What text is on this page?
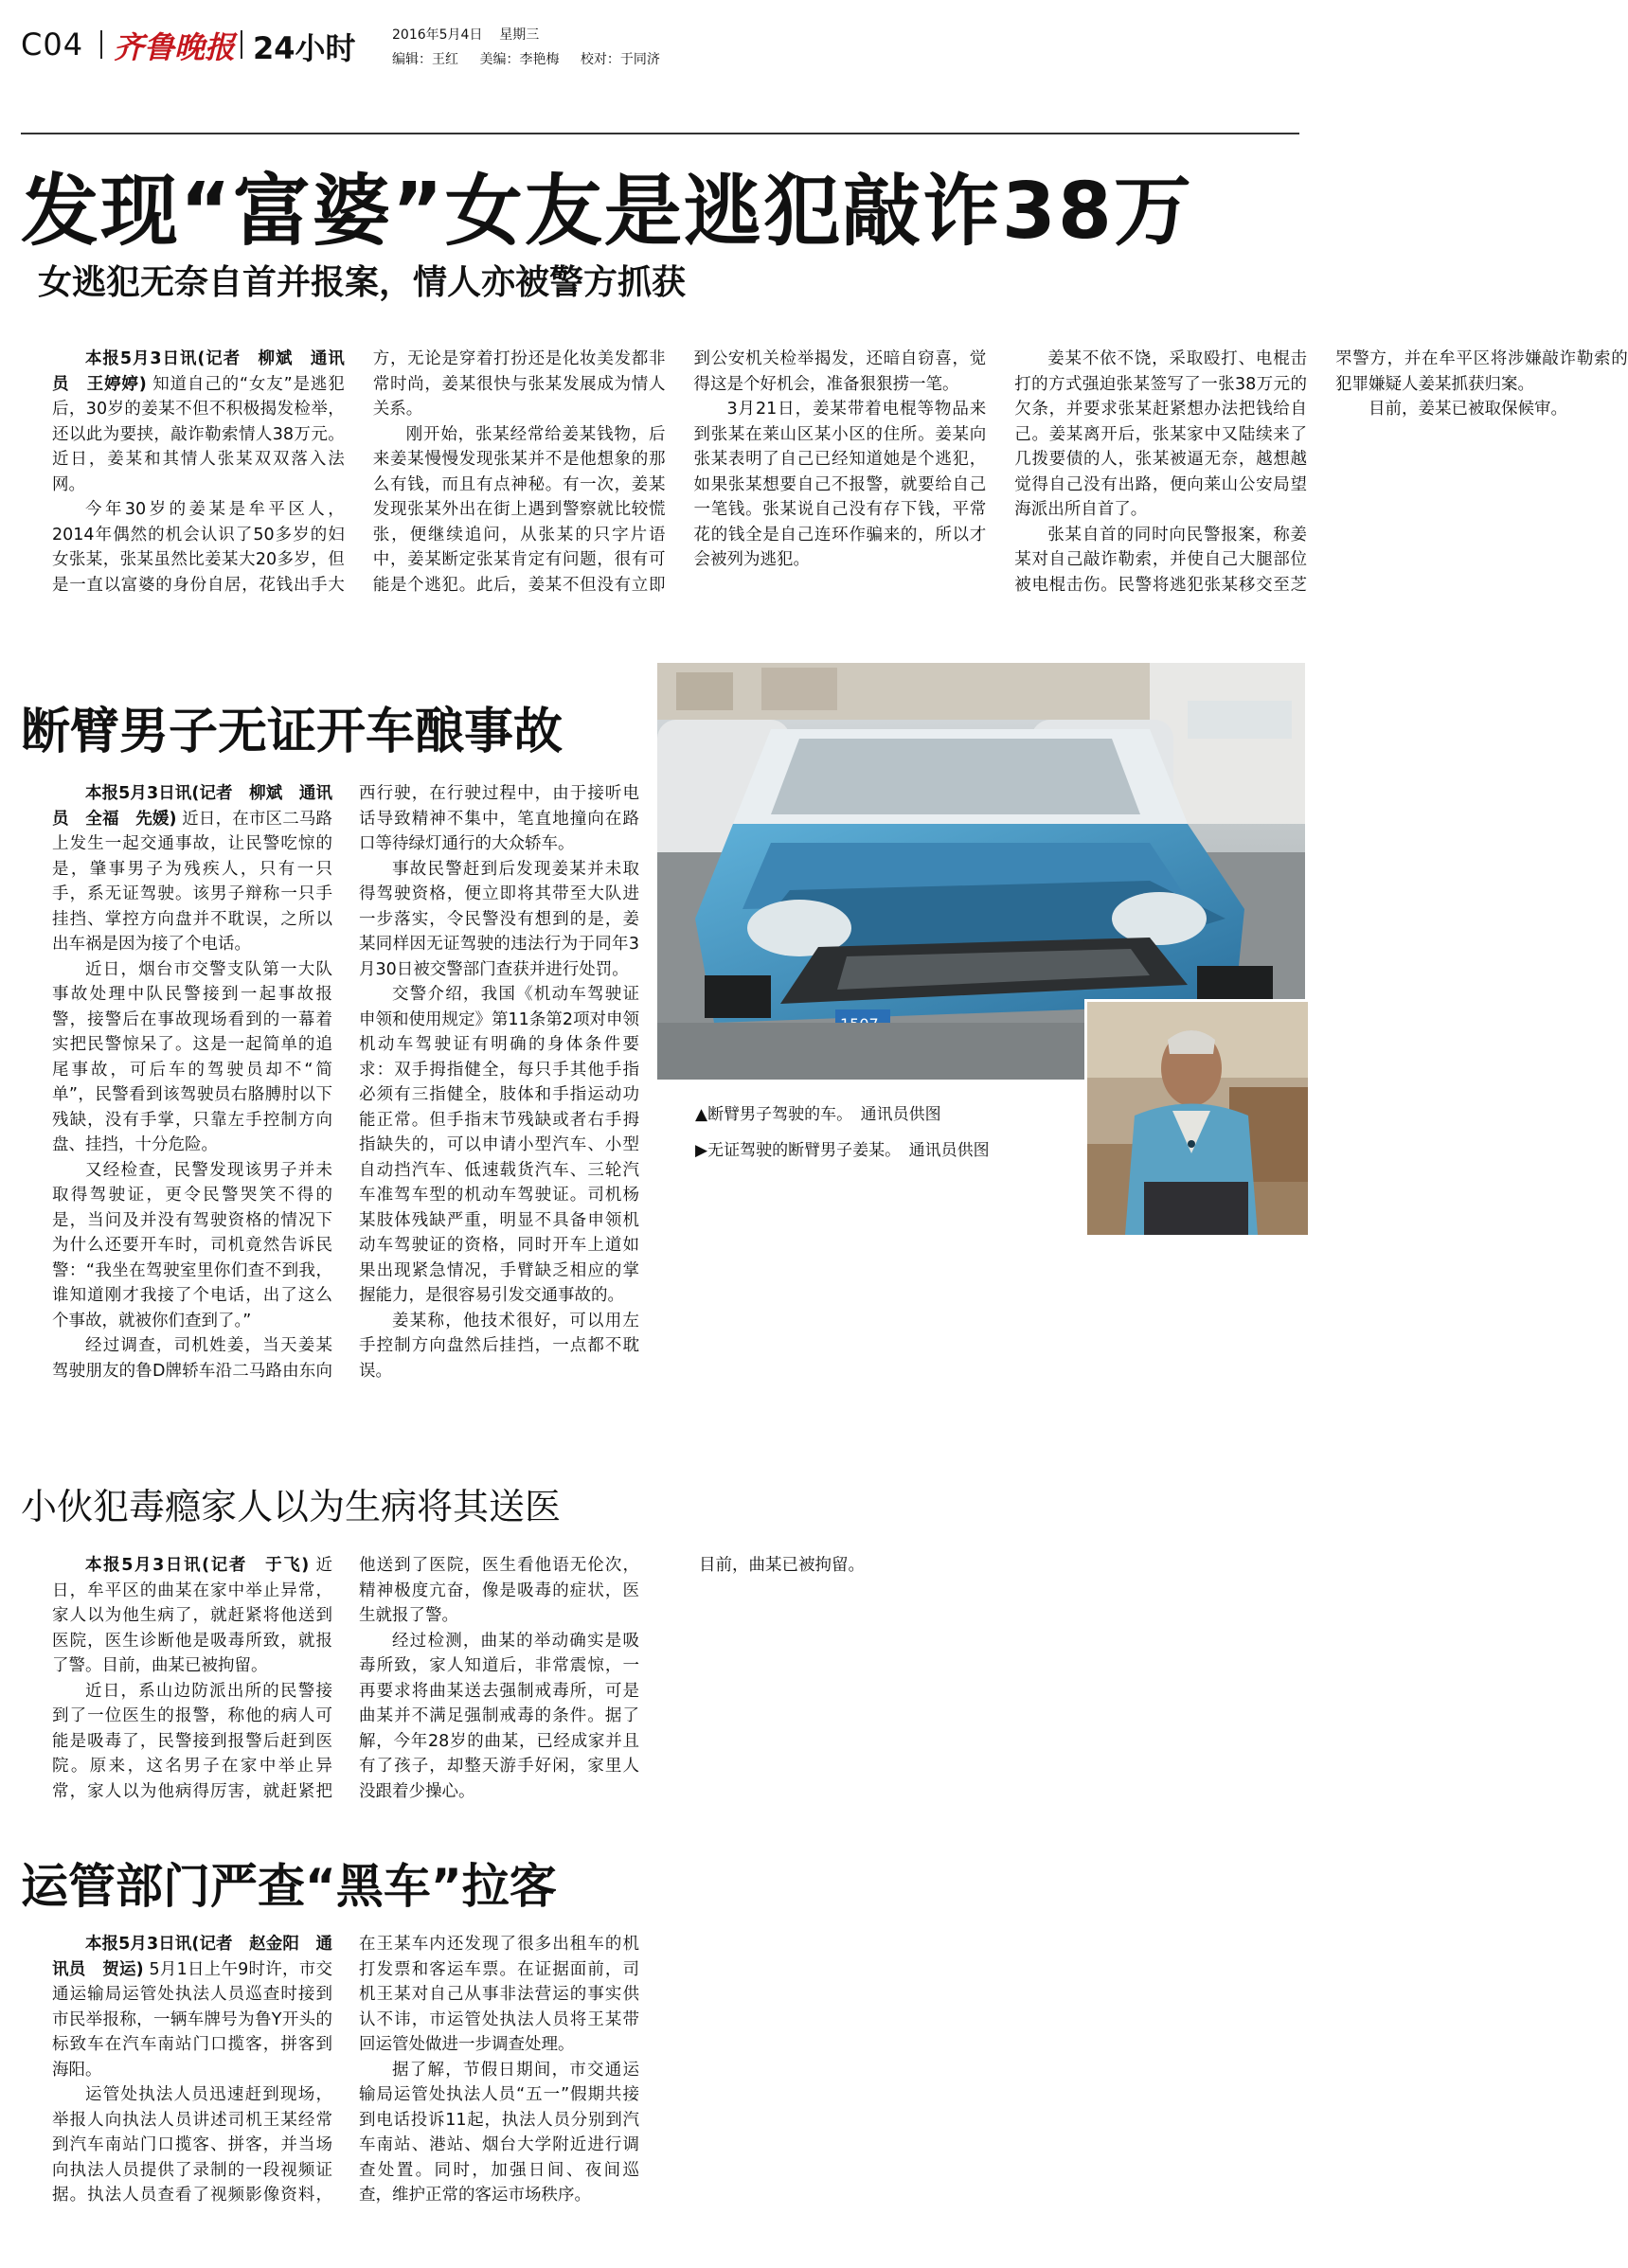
C04 齐鲁晚报 24小时	2016年5月4日 星期三
编辑：王红 美编：李艳梅 校对：于同济
发现“富婆”女友是逃犯敲诈38万
女逃犯无奈自首并报案，情人亦被警方抓获

本报5月3日讯(记者　柳斌　通讯员　王婷婷) 知道自己的“女友”是逃犯后，30岁的姜某不但不积极揭发检举，还以此为要挟，敲诈勒索情人38万元。近日，姜某和其情人张某双双落入法网。

今年30岁的姜某是牟平区人，2014年偶然的机会认识了50多岁的妇女张某，张某虽然比姜某大20多岁，但是一直以富婆的身份自居，花钱出手大方，无论是穿着打扮还是化妆美发都非常时尚，姜某很快与张某发展成为情人关系。

刚开始，张某经常给姜某钱物，后来姜某慢慢发现张某并不是他想象的那么有钱，而且有点神秘。有一次，姜某发现张某外出在街上遇到警察就比较慌张，便继续追问，从张某的只字片语中，姜某断定张某肯定有问题，很有可能是个逃犯。此后，姜某不但没有立即到公安机关检举揭发，还暗自窃喜，觉得这是个好机会，准备狠狠捞一笔。

3月21日，姜某带着电棍等物品来到张某在莱山区某小区的住所。姜某向张某表明了自己已经知道她是个逃犯，如果张某想要自己不报警，就要给自己一笔钱。张某说自己没有存下钱，平常花的钱全是自己连环作骗来的，所以才会被列为逃犯。

姜某不依不饶，采取殴打、电棍击打的方式强迫张某签写了一张38万元的欠条，并要求张某赶紧想办法把钱给自己。姜某离开后，张某家中又陆续来了几拨要债的人，张某被逼无奈，越想越觉得自己没有出路，便向莱山公安局望海派出所自首了。

张某自首的同时向民警报案，称姜某对自己敲诈勒索，并使自己大腿部位被电棍击伤。民警将逃犯张某移交至芝罘警方，并在牟平区将涉嫌敲诈勒索的犯罪嫌疑人姜某抓获归案。

目前，姜某已被取保候审。

断臂男子无证开车酿事故

本报5月3日讯(记者　柳斌　通讯员　全福　先媛) 近日，在市区二马路上发生一起交通事故，让民警吃惊的是，肇事男子为残疾人，只有一只手，系无证驾驶。该男子辩称一只手挂挡、掌控方向盘并不耽误，之所以出车祸是因为接了个电话。

近日，烟台市交警支队第一大队事故处理中队民警接到一起事故报警，接警后在事故现场看到的一幕着实把民警惊呆了。这是一起简单的追尾事故，可后车的驾驶员却不“简单”，民警看到该驾驶员右胳膊肘以下残缺，没有手掌，只靠左手控制方向盘、挂挡，十分危险。

又经检查，民警发现该男子并未取得驾驶证，更令民警哭笑不得的是，当问及并没有驾驶资格的情况下为什么还要开车时，司机竟然告诉民警：“我坐在驾驶室里你们查不到我，谁知道刚才我接了个电话，出了这么个事故，就被你们查到了。”

经过调查，司机姓姜，当天姜某驾驶朋友的鲁D牌轿车沿二马路由东向西行驶，在行驶过程中，由于接听电话导致精神不集中，笔直地撞向在路口等待绿灯通行的大众轿车。

事故民警赶到后发现姜某并未取得驾驶资格，便立即将其带至大队进一步落实，令民警没有想到的是，姜某同样因无证驾驶的违法行为于同年3月30日被交警部门查获并进行处罚。

交警介绍，我国《机动车驾驶证申领和使用规定》第11条第2项对申领机动车驾驶证有明确的身体条件要求：双手拇指健全，每只手其他手指必须有三指健全，肢体和手指运动功能正常。但手指末节残缺或者右手拇指缺失的，可以申请小型汽车、小型自动挡汽车、低速载货汽车、三轮汽车准驾车型的机动车驾驶证。司机杨某肢体残缺严重，明显不具备申领机动车驾驶证的资格，同时开车上道如果出现紧急情况，手臂缺乏相应的掌握能力，是很容易引发交通事故的。

姜某称，他技术很好，可以用左手控制方向盘然后挂挡，一点都不耽误。

▲断臂男子驾驶的车。　通讯员供图
▶无证驾驶的断臂男子姜某。　通讯员供图
小伙犯毒瘾家人以为生病将其送医

本报5月3日讯(记者　于飞) 近日，牟平区的曲某在家中举止异常，家人以为他生病了，就赶紧将他送到医院，医生诊断他是吸毒所致，就报了警。目前，曲某已被拘留。

近日，系山边防派出所的民警接到了一位医生的报警，称他的病人可能是吸毒了，民警接到报警后赶到医院。原来，这名男子在家中举止异常，家人以为他病得厉害，就赶紧把他送到了医院，医生看他语无伦次，精神极度亢奋，像是吸毒的症状，医生就报了警。

经过检测，曲某的举动确实是吸毒所致，家人知道后，非常震惊，一再要求将曲某送去强制戒毒所，可是曲某并不满足强制戒毒的条件。据了解，今年28岁的曲某，已经成家并且有了孩子，却整天游手好闲，家里人没跟着少操心。

目前，曲某已被拘留。

运管部门严查“黑车”拉客

本报5月3日讯(记者　赵金阳　通讯员　贺运) 5月1日上午9时许，市交通运输局运管处执法人员巡查时接到市民举报称，一辆车牌号为鲁Y开头的标致车在汽车南站门口揽客，拼客到海阳。

运管处执法人员迅速赶到现场，举报人向执法人员讲述司机王某经常到汽车南站门口揽客、拼客，并当场向执法人员提供了录制的一段视频证据。执法人员查看了视频影像资料，在王某车内还发现了很多出租车的机打发票和客运车票。在证据面前，司机王某对自己从事非法营运的事实供认不讳，市运管处执法人员将王某带回运管处做进一步调查处理。

据了解，节假日期间，市交通运输局运管处执法人员“五一”假期共接到电话投诉11起，执法人员分别到汽车南站、港站、烟台大学附近进行调查处置。同时，加强日间、夜间巡查，维护正常的客运市场秩序。
